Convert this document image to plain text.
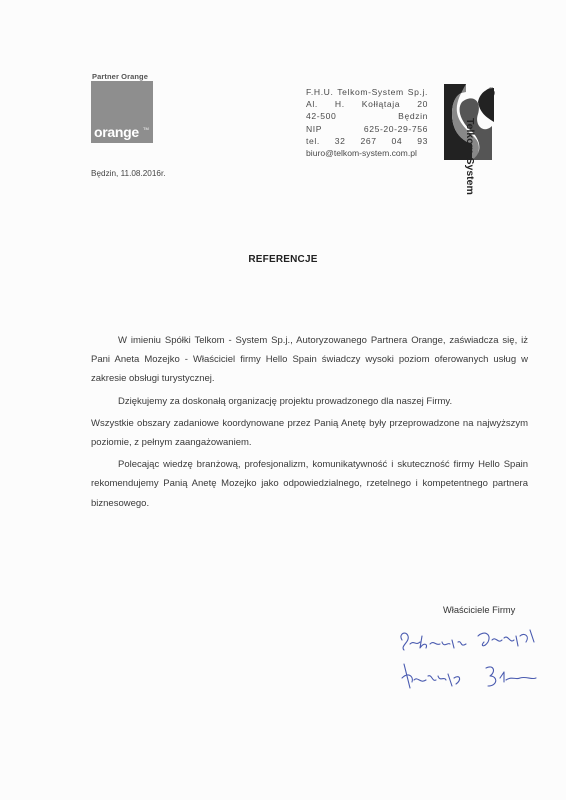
Partner Orange
orange TM
F.H.U. Telkom-System Sp.j.
Al. H. Kołłątaja 20
42-500 Będzin
NIP 625-20-29-756
tel. 32 267 04 93
biuro@telkom-system.com.pl
®
Telkom-System
Będzin, 11.08.2016r.
REFERENCJE

W imieniu Spółki Telkom - System Sp.j., Autoryzowanego Partnera Orange, zaświadcza się, iż Pani Aneta Mozejko - Właściciel firmy Hello Spain świadczy wysoki poziom oferowanych usług w zakresie obsługi turystycznej.

Dziękujemy za doskonałą organizację projektu prowadzonego dla naszej Firmy.

Wszystkie obszary zadaniowe koordynowane przez Panią Anetę były przeprowadzone na najwyższym poziomie, z pełnym zaangażowaniem.

Polecając wiedzę branżową, profesjonalizm, komunikatywność i skuteczność firmy Hello Spain rekomendujemy Panią Anetę Mozejko jako odpowiedzialnego, rzetelnego i kompetentnego partnera biznesowego.

Właściciele Firmy
